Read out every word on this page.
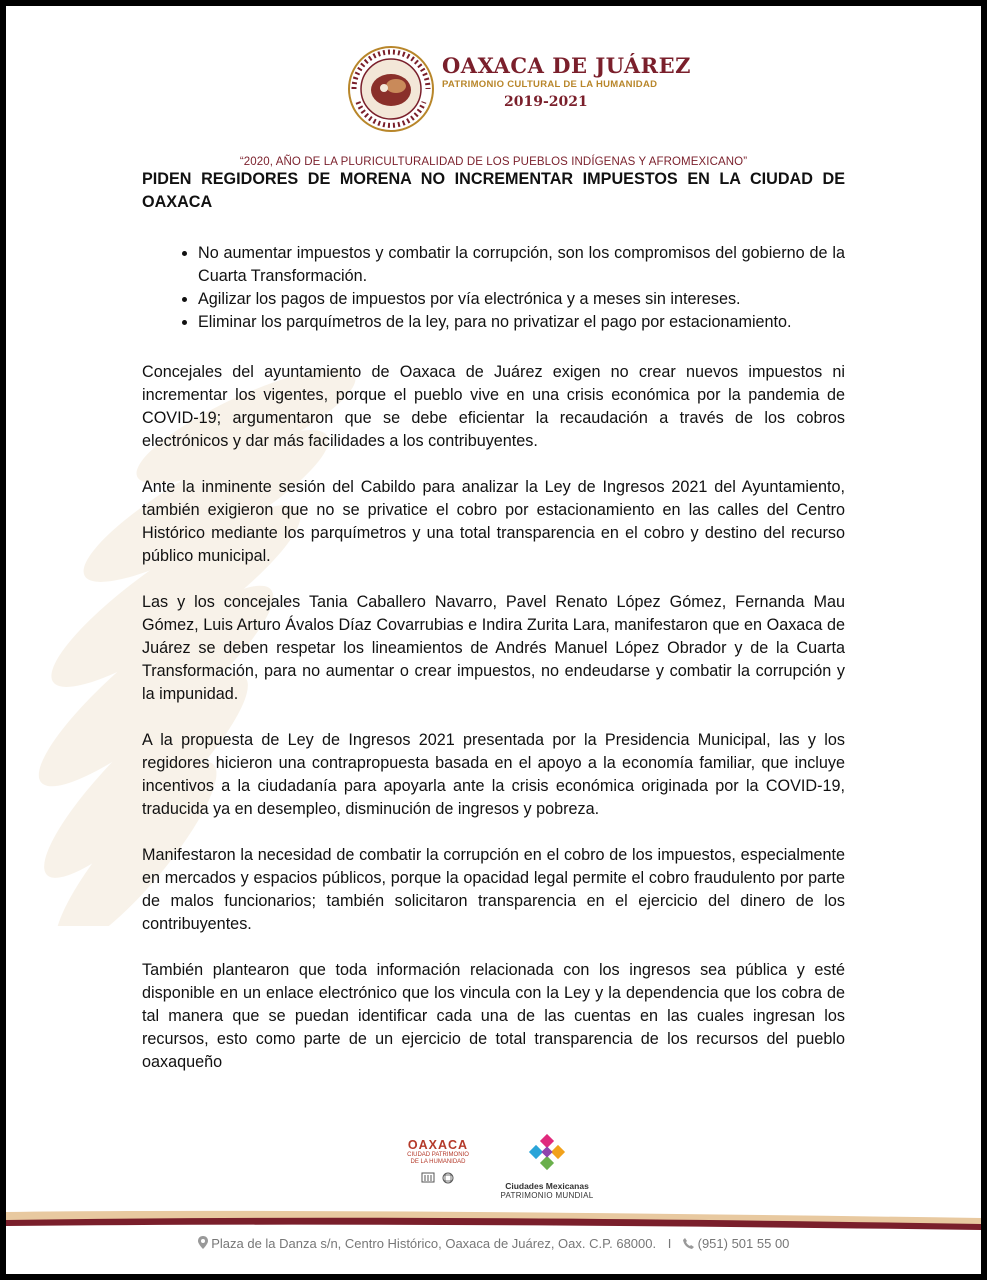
OAXACA DE JUÁREZ
PATRIMONIO CULTURAL DE LA HUMANIDAD
2019-2021
“2020, AÑO DE LA PLURICULTURALIDAD DE LOS PUEBLOS INDÍGENAS Y AFROMEXICANO”

PIDEN REGIDORES DE MORENA NO INCREMENTAR IMPUESTOS EN LA CIUDAD DE OAXACA

• No aumentar impuestos y combatir la corrupción, son los compromisos del gobierno de la Cuarta Transformación.
• Agilizar los pagos de impuestos por vía electrónica y a meses sin intereses.
• Eliminar los parquímetros de la ley, para no privatizar el pago por estacionamiento.

Concejales del ayuntamiento de Oaxaca de Juárez exigen no crear nuevos impuestos ni incrementar los vigentes, porque el pueblo vive en una crisis económica por la pandemia de COVID-19; argumentaron que se debe eficientar la recaudación a través de los cobros electrónicos y dar más facilidades a los contribuyentes.

Ante la inminente sesión del Cabildo para analizar la Ley de Ingresos 2021 del Ayuntamiento, también exigieron que no se privatice el cobro por estacionamiento en las calles del Centro Histórico mediante los parquímetros y una total transparencia en el cobro y destino del recurso público municipal.

Las y los concejales Tania Caballero Navarro, Pavel Renato López Gómez, Fernanda Mau Gómez, Luis Arturo Ávalos Díaz Covarrubias e Indira Zurita Lara, manifestaron que en Oaxaca de Juárez se deben respetar los lineamientos de Andrés Manuel López Obrador y de la Cuarta Transformación, para no aumentar o crear impuestos, no endeudarse y combatir la corrupción y la impunidad.

A la propuesta de Ley de Ingresos 2021 presentada por la Presidencia Municipal, las y los regidores hicieron una contrapropuesta basada en el apoyo a la economía familiar, que incluye incentivos a la ciudadanía para apoyarla ante la crisis económica originada por la COVID-19, traducida ya en desempleo, disminución de ingresos y pobreza.

Manifestaron la necesidad de combatir la corrupción en el cobro de los impuestos, especialmente en mercados y espacios públicos, porque la opacidad legal permite el cobro fraudulento por parte de malos funcionarios; también solicitaron transparencia en el ejercicio del dinero de los contribuyentes.

También plantearon que toda información relacionada con los ingresos sea pública y esté disponible en un enlace electrónico que los vincula con la Ley y la dependencia que los cobra de tal manera que se puedan identificar cada una de las cuentas en las cuales ingresan los recursos, esto como parte de un ejercicio de total transparencia de los recursos del pueblo oaxaqueño

OAXACA
CIUDAD PATRIMONIO
DE LA HUMANIDAD
Ciudades Mexicanas
PATRIMONIO MUNDIAL
Plaza de la Danza s/n, Centro Histórico, Oaxaca de Juárez, Oax. C.P. 68000. I (951) 501 55 00
